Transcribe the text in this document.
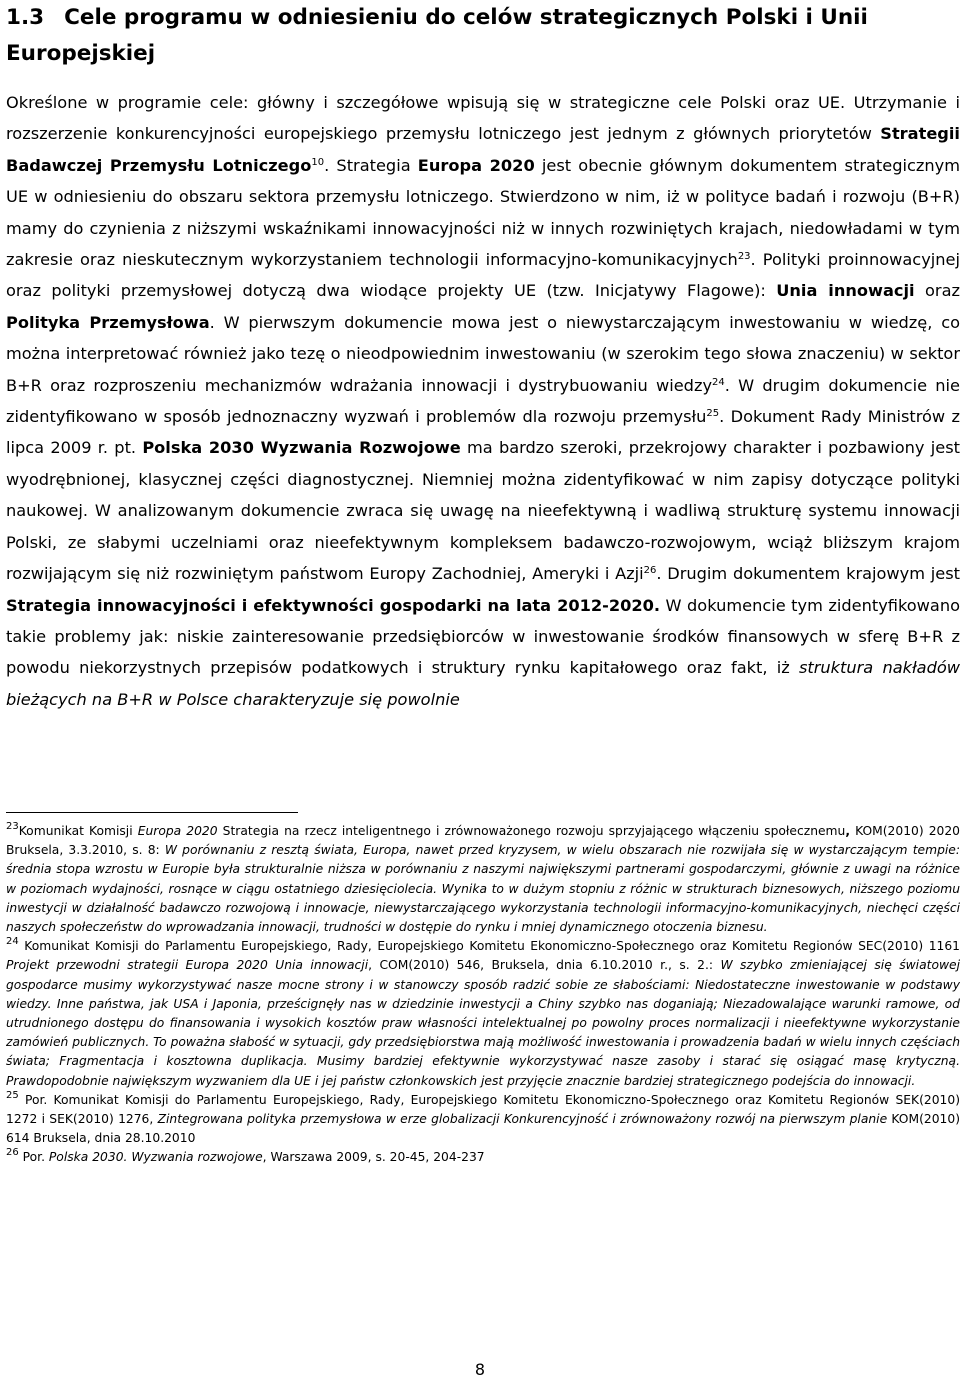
1.3 Cele programu w odniesieniu do celów strategicznych Polski i Unii Europejskiej

Określone w programie cele: główny i szczegółowe wpisują się w strategiczne cele Polski oraz UE. Utrzymanie i rozszerzenie konkurencyjności europejskiego przemysłu lotniczego jest jednym z głównych priorytetów Strategii Badawczej Przemysłu Lotniczego$^{10}$. Strategia Europa 2020 jest obecnie głównym dokumentem strategicznym UE w odniesieniu do obszaru sektora przemysłu lotniczego. Stwierdzono w nim, iż w polityce badań i rozwoju (B+R) mamy do czynienia z niższymi wskaźnikami innowacyjności niż w innych rozwiniętych krajach, niedowładami w tym zakresie oraz nieskutecznym wykorzystaniem technologii informacyjno-komunikacyjnych$^{23}$. Polityki proinnowacyjnej oraz polityki przemysłowej dotyczą dwa wiodące projekty UE (tzw. Inicjatywy Flagowe): Unia innowacji oraz Polityka Przemysłowa. W pierwszym dokumencie mowa jest o niewystarczającym inwestowaniu w wiedzę, co można interpretować również jako tezę o nieodpowiednim inwestowaniu (w szerokim tego słowa znaczeniu) w sektor B+R oraz rozproszeniu mechanizmów wdrażania innowacji i dystrybuowaniu wiedzy$^{24}$. W drugim dokumencie nie zidentyfikowano w sposób jednoznaczny wyzwań i problemów dla rozwoju przemysłu$^{25}$. Dokument Rady Ministrów z lipca 2009 r. pt. Polska 2030 Wyzwania Rozwojowe ma bardzo szeroki, przekrojowy charakter i pozbawiony jest wyodrębnionej, klasycznej części diagnostycznej. Niemniej można zidentyfikować w nim zapisy dotyczące polityki naukowej. W analizowanym dokumencie zwraca się uwagę na nieefektywną i wadliwą strukturę systemu innowacji Polski, ze słabymi uczelniami oraz nieefektywnym kompleksem badawczo-rozwojowym, wciąż bliższym krajom rozwijającym się niż rozwiniętym państwom Europy Zachodniej, Ameryki i Azji$^{26}$. Drugim dokumentem krajowym jest Strategia innowacyjności i efektywności gospodarki na lata 2012-2020. W dokumencie tym zidentyfikowano takie problemy jak: niskie zainteresowanie przedsiębiorców w inwestowanie środków finansowych w sferę B+R z powodu niekorzystnych przepisów podatkowych i struktury rynku kapitałowego oraz fakt, iż struktura nakładów bieżących na B+R w Polsce charakteryzuje się powolnie

$^{23}$Komunikat Komisji Europa 2020 Strategia na rzecz inteligentnego i zrównoważonego rozwoju sprzyjającego włączeniu społecznemu, KOM(2010) 2020 Bruksela, 3.3.2010, s. 8: W porównaniu z resztą świata, Europa, nawet przed kryzysem, w wielu obszarach nie rozwijała się w wystarczającym tempie: średnia stopa wzrostu w Europie była strukturalnie niższa w porównaniu z naszymi największymi partnerami gospodarczymi, głównie z uwagi na różnice w poziomach wydajności, rosnące w ciągu ostatniego dziesięciolecia. Wynika to w dużym stopniu z różnic w strukturach biznesowych, niższego poziomu inwestycji w działalność badawczo rozwojową i innowacje, niewystarczającego wykorzystania technologii informacyjno-komunikacyjnych, niechęci części naszych społeczeństw do wprowadzania innowacji, trudności w dostępie do rynku i mniej dynamicznego otoczenia biznesu.

$^{24}$ Komunikat Komisji do Parlamentu Europejskiego, Rady, Europejskiego Komitetu Ekonomiczno-Społecznego oraz Komitetu Regionów SEC(2010) 1161 Projekt przewodni strategii Europa 2020 Unia innowacji, COM(2010) 546, Bruksela, dnia 6.10.2010 r., s. 2.: W szybko zmieniającej się światowej gospodarce musimy wykorzystywać nasze mocne strony i w stanowczy sposób radzić sobie ze słabościami: Niedostateczne inwestowanie w podstawy wiedzy. Inne państwa, jak USA i Japonia, prześcignęły nas w dziedzinie inwestycji a Chiny szybko nas doganiają; Niezadowalające warunki ramowe, od utrudnionego dostępu do finansowania i wysokich kosztów praw własności intelektualnej po powolny proces normalizacji i nieefektywne wykorzystanie zamówień publicznych. To poważna słabość w sytuacji, gdy przedsiębiorstwa mają możliwość inwestowania i prowadzenia badań w wielu innych częściach świata; Fragmentacja i kosztowna duplikacja. Musimy bardziej efektywnie wykorzystywać nasze zasoby i starać się osiągać masę krytyczną. Prawdopodobnie największym wyzwaniem dla UE i jej państw członkowskich jest przyjęcie znacznie bardziej strategicznego podejścia do innowacji.

$^{25}$ Por. Komunikat Komisji do Parlamentu Europejskiego, Rady, Europejskiego Komitetu Ekonomiczno-Społecznego oraz Komitetu Regionów SEK(2010) 1272 i SEK(2010) 1276, Zintegrowana polityka przemysłowa w erze globalizacji Konkurencyjność i zrównoważony rozwój na pierwszym planie KOM(2010) 614 Bruksela, dnia 28.10.2010

$^{26}$ Por. Polska 2030. Wyzwania rozwojowe, Warszawa 2009, s. 20-45, 204-237

8
